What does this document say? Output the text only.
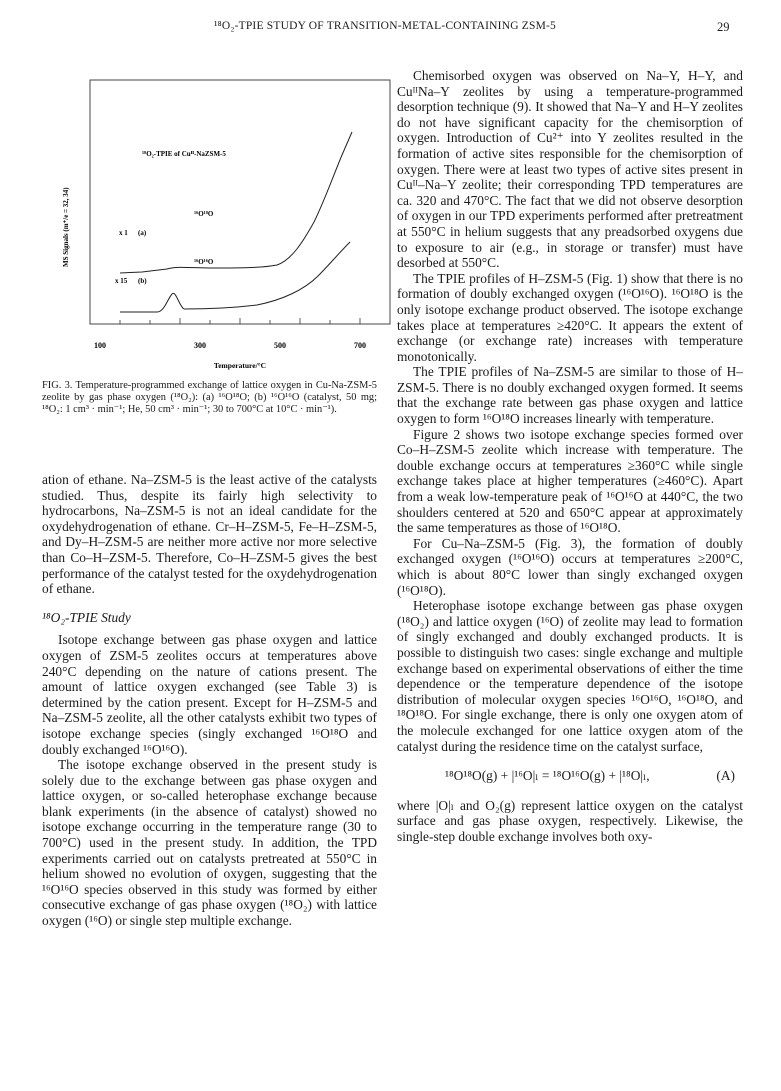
¹⁸O₂-TPIE STUDY OF TRANSITION-METAL-CONTAINING ZSM-5	29
100	300	500	700
Temperature/°C
MS Signals (m⁺/e = 32, 34)
¹⁸O₂-TPIE of Cuᴵᴵ-NaZSM-5
¹⁶O¹⁸O
¹⁶O¹⁶O
x 1 (a)
x 15 (b)
FIG. 3. Temperature-programmed exchange of lattice oxygen in Cu-Na-ZSM-5 zeolite by gas phase oxygen (¹⁸O₂): (a) ¹⁶O¹⁸O; (b) ¹⁶O¹⁶O (catalyst, 50 mg; ¹⁸O₂: 1 cm³ · min⁻¹; He, 50 cm³ · min⁻¹; 30 to 700°C at 10°C · min⁻¹).

ation of ethane. Na–ZSM-5 is the least active of the catalysts studied. Thus, despite its fairly high selectivity to hydrocarbons, Na–ZSM-5 is not an ideal candidate for the oxydehydrogenation of ethane. Cr–H–ZSM-5, Fe–H–ZSM-5, and Dy–H–ZSM-5 are neither more active nor more selective than Co–H–ZSM-5. Therefore, Co–H–ZSM-5 gives the best performance of the catalyst tested for the oxydehydrogenation of ethane.

¹⁸O₂-TPIE Study

Isotope exchange between gas phase oxygen and lattice oxygen of ZSM-5 zeolites occurs at temperatures above 240°C depending on the nature of cations present. The amount of lattice oxygen exchanged (see Table 3) is determined by the cation present. Except for H–ZSM-5 and Na–ZSM-5 zeolite, all the other catalysts exhibit two types of isotope exchange species (singly exchanged ¹⁶O¹⁸O and doubly exchanged ¹⁶O¹⁶O).

The isotope exchange observed in the present study is solely due to the exchange between gas phase oxygen and lattice oxygen, or so-called heterophase exchange because blank experiments (in the absence of catalyst) showed no isotope exchange occurring in the temperature range (30 to 700°C) used in the present study. In addition, the TPD experiments carried out on catalysts pretreated at 550°C in helium showed no evolution of oxygen, suggesting that the ¹⁶O¹⁶O species observed in this study was formed by either consecutive exchange of gas phase oxygen (¹⁸O₂) with lattice oxygen (¹⁶O) or single step multiple exchange.

Chemisorbed oxygen was observed on Na–Y, H–Y, and CuᴵᴵNa–Y zeolites by using a temperature-programmed desorption technique (9). It showed that Na–Y and H–Y zeolites do not have significant capacity for the chemisorption of oxygen. Introduction of Cu²⁺ into Y zeolites resulted in the formation of active sites responsible for the chemisorption of oxygen. There were at least two types of active sites present in Cuᴵᴵ–Na–Y zeolite; their corresponding TPD temperatures are ca. 320 and 470°C. The fact that we did not observe desorption of oxygen in our TPD experiments performed after pretreatment at 550°C in helium suggests that any preadsorbed oxygens due to exposure to air (e.g., in storage or transfer) must have desorbed at 550°C.

The TPIE profiles of H–ZSM-5 (Fig. 1) show that there is no formation of doubly exchanged oxygen (¹⁶O¹⁶O). ¹⁶O¹⁸O is the only isotope exchange product observed. The isotope exchange takes place at temperatures ≥420°C. It appears the extent of exchange (or exchange rate) increases with temperature monotonically.

The TPIE profiles of Na–ZSM-5 are similar to those of H–ZSM-5. There is no doubly exchanged oxygen formed. It seems that the exchange rate between gas phase oxygen and lattice oxygen to form ¹⁶O¹⁸O increases linearly with temperature.

Figure 2 shows two isotope exchange species formed over Co–H–ZSM-5 zeolite which increase with temperature. The double exchange occurs at temperatures ≥360°C while single exchange takes place at higher temperatures (≥460°C). Apart from a weak low-temperature peak of ¹⁶O¹⁶O at 440°C, the two shoulders centered at 520 and 650°C appear at approximately the same temperatures as those of ¹⁶O¹⁸O.

For Cu–Na–ZSM-5 (Fig. 3), the formation of doubly exchanged oxygen (¹⁶O¹⁶O) occurs at temperatures ≥200°C, which is about 80°C lower than singly exchanged oxygen (¹⁶O¹⁸O).

Heterophase isotope exchange between gas phase oxygen (¹⁸O₂) and lattice oxygen (¹⁶O) of zeolite may lead to formation of singly exchanged and doubly exchanged products. It is possible to distinguish two cases: single exchange and multiple exchange based on experimental observations of either the time dependence or the temperature dependence of the isotope distribution of molecular oxygen species ¹⁶O¹⁶O, ¹⁶O¹⁸O, and ¹⁸O¹⁸O. For single exchange, there is only one oxygen atom of the molecule exchanged for one lattice oxygen atom of the catalyst during the residence time on the catalyst surface,

¹⁸O¹⁸O(g) + |¹⁶O|ₗ = ¹⁸O¹⁶O(g) + |¹⁸O|ₗ,	(A)

where |O|ₗ and O₂(g) represent lattice oxygen on the catalyst surface and gas phase oxygen, respectively. Likewise, the single-step double exchange involves both oxy-
